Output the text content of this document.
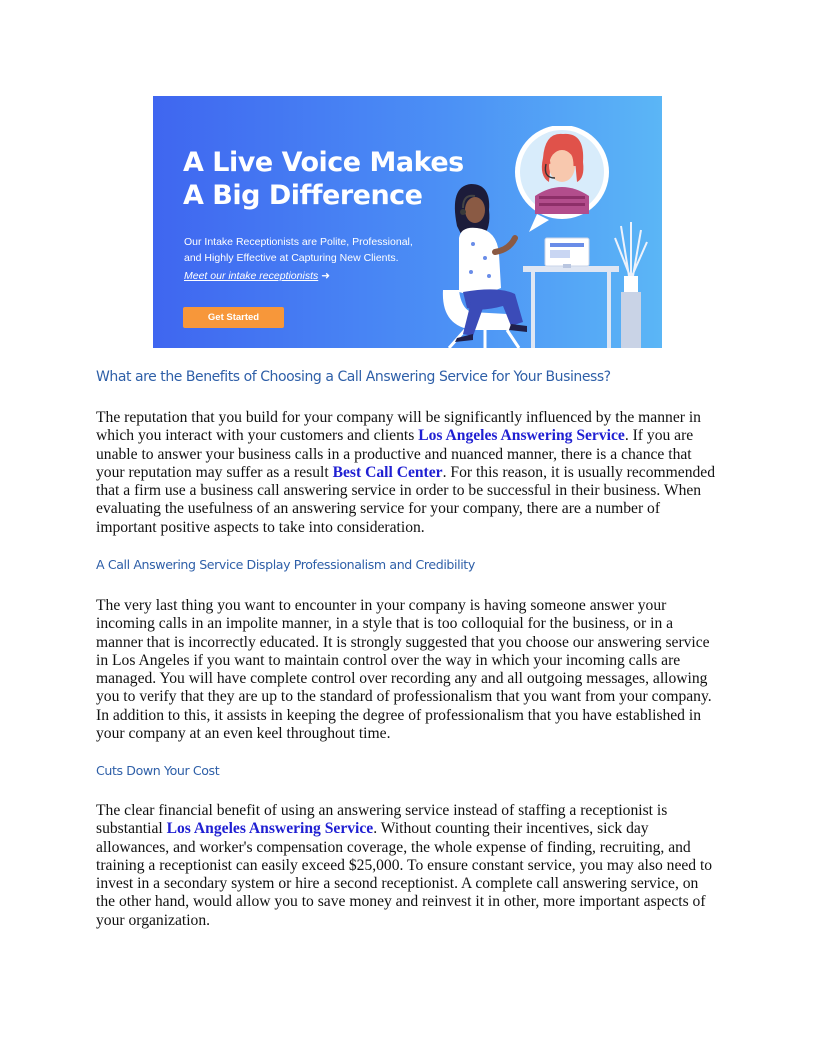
A Live Voice Makes
A Big Difference

Our Intake Receptionists are Polite, Professional,
and Highly Effective at Capturing New Clients.

Meet our intake receptionists ➜

Get Started
What are the Benefits of Choosing a Call Answering Service for Your Business?

The reputation that you build for your company will be significantly influenced by the manner in which you interact with your customers and clients Los Angeles Answering Service. If you are unable to answer your business calls in a productive and nuanced manner, there is a chance that your reputation may suffer as a result Best Call Center. For this reason, it is usually recommended that a firm use a business call answering service in order to be successful in their business. When evaluating the usefulness of an answering service for your company, there are a number of important positive aspects to take into consideration.

A Call Answering Service Display Professionalism and Credibility

The very last thing you want to encounter in your company is having someone answer your incoming calls in an impolite manner, in a style that is too colloquial for the business, or in a manner that is incorrectly educated. It is strongly suggested that you choose our answering service in Los Angeles if you want to maintain control over the way in which your incoming calls are managed. You will have complete control over recording any and all outgoing messages, allowing you to verify that they are up to the standard of professionalism that you want from your company. In addition to this, it assists in keeping the degree of professionalism that you have established in your company at an even keel throughout time.

Cuts Down Your Cost

The clear financial benefit of using an answering service instead of staffing a receptionist is substantial Los Angeles Answering Service. Without counting their incentives, sick day allowances, and worker's compensation coverage, the whole expense of finding, recruiting, and training a receptionist can easily exceed $25,000. To ensure constant service, you may also need to invest in a secondary system or hire a second receptionist. A complete call answering service, on the other hand, would allow you to save money and reinvest it in other, more important aspects of your organization.
